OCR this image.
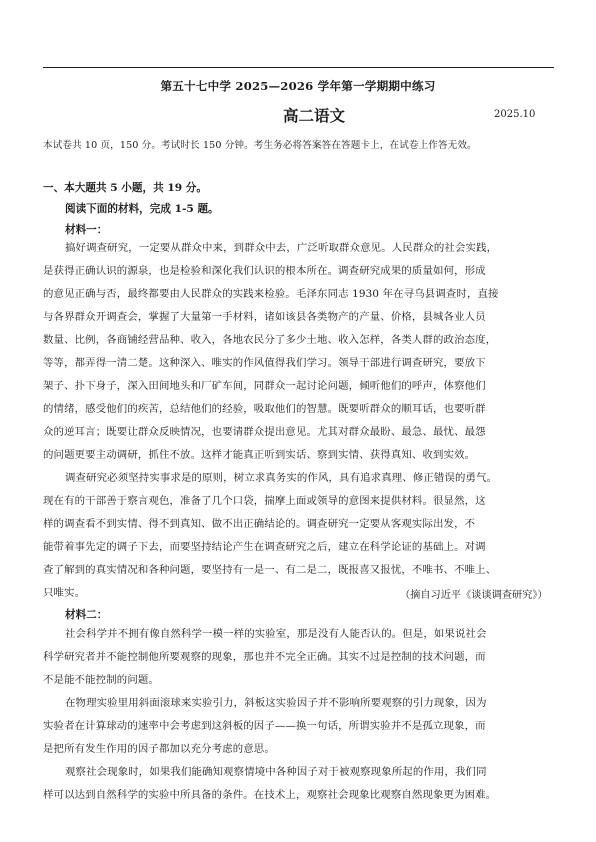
第五十七中学 2025—2026 学年第一学期期中练习
高二语文	2025.10
本试卷共 10 页，150 分。考试时长 150 分钟。考生务必将答案答在答题卡上，在试卷上作答无效。
一、本大题共 5 小题，共 19 分。
阅读下面的材料，完成 1-5 题。
材料一：
搞好调查研究，一定要从群众中来，到群众中去，广泛听取群众意见。人民群众的社会实践，
是获得正确认识的源泉，也是检验和深化我们认识的根本所在。调查研究成果的质量如何，形成
的意见正确与否，最终都要由人民群众的实践来检验。毛泽东同志 1930 年在寻乌县调查时，直接
与各界群众开调查会，掌握了大量第一手材料，诸如该县各类物产的产量、价格，县城各业人员
数量、比例，各商铺经营品种、收入，各地农民分了多少土地、收入怎样，各类人群的政治态度，
等等，都弄得一清二楚。这种深入、唯实的作风值得我们学习。领导干部进行调查研究，要放下
架子、扑下身子，深入田间地头和厂矿车间，同群众一起讨论问题，倾听他们的呼声，体察他们
的情绪，感受他们的疾苦，总结他们的经验，吸取他们的智慧。既要听群众的顺耳话，也要听群
众的逆耳言；既要让群众反映情况，也要请群众提出意见。尤其对群众最盼、最急、最忧、最怨
的问题更要主动调研，抓住不放。这样才能真正听到实话、察到实情、获得真知、收到实效。
调查研究必须坚持实事求是的原则，树立求真务实的作风，具有追求真理、修正错误的勇气。
现在有的干部善于察言观色，准备了几个口袋，揣摩上面或领导的意图来提供材料。很显然，这
样的调查看不到实情、得不到真知、做不出正确结论的。调查研究一定要从客观实际出发，不
能带着事先定的调子下去，而要坚持结论产生在调查研究之后，建立在科学论证的基础上。对调
查了解到的真实情况和各种问题，要坚持有一是一、有二是二，既报喜又报忧，不唯书、不唯上、
只唯实。	（摘自习近平《谈谈调查研究》）
材料二：
社会科学并不拥有像自然科学一模一样的实验室，那是没有人能否认的。但是，如果说社会
科学研究者并不能控制他所要观察的现象，那也并不完全正确。其实不过是控制的技术问题，而
不是能不能控制的问题。
在物理实验里用斜面滚球来实验引力，斜板这实验因子并不影响所要观察的引力现象，因为
实验者在计算球动的速率中会考虑到这斜板的因子——换一句话，所谓实验并不是孤立现象，而
是把所有发生作用的因子都加以充分考虑的意思。
观察社会现象时，如果我们能确知观察情境中各种因子对于被观察现象所起的作用，我们同
样可以达到自然科学的实验中所具备的条件。在技术上，观察社会现象比观察自然现象更为困难。
